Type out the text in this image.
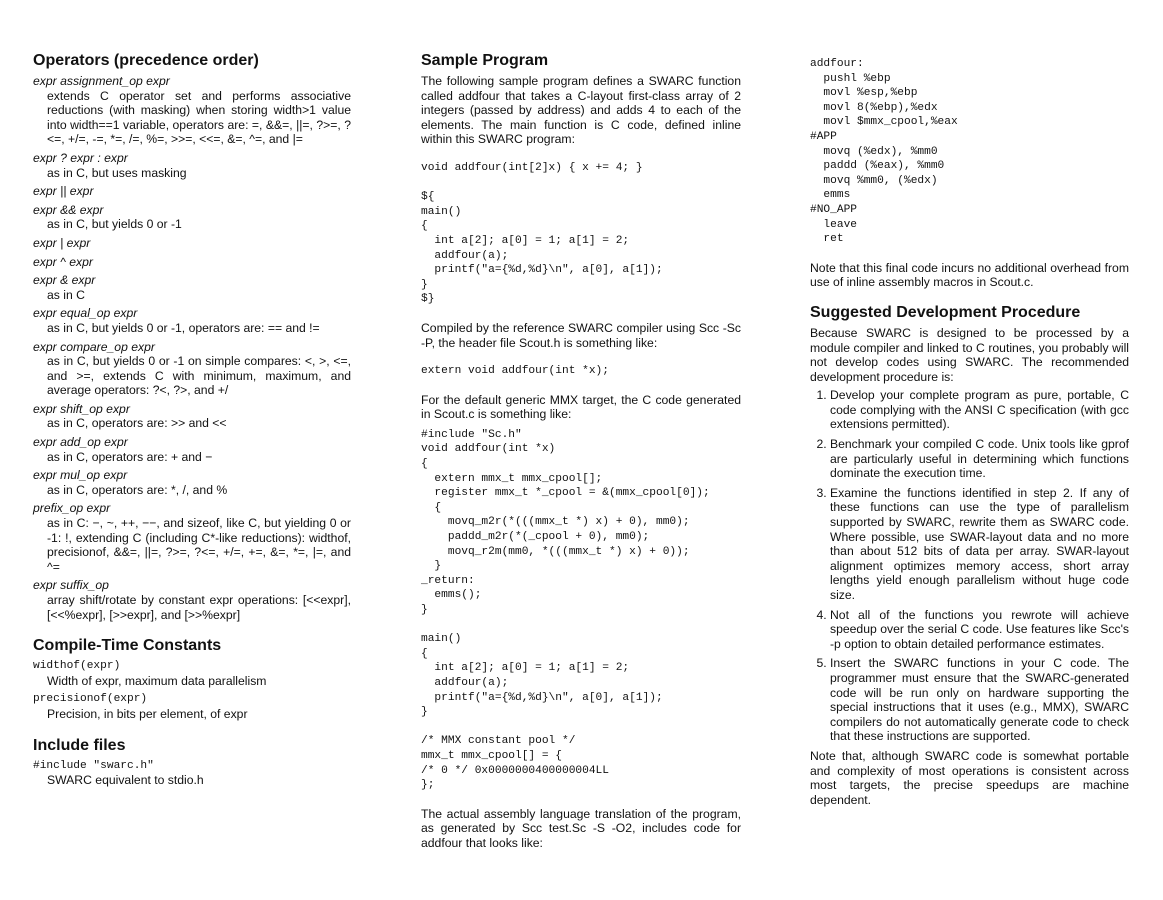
Operators (precedence order)
expr assignment_op expr
extends C operator set and performs associative reductions (with masking) when storing width>1 value into width==1 variable, operators are: =, &&=, ||=, ?>=, ?<=, +/=, -=, *=, /=, %=, >>=, <<=, &=, ^=, and |=
expr ? expr : expr
as in C, but uses masking
expr || expr
expr && expr
as in C, but yields 0 or -1
expr | expr
expr ^ expr
expr & expr
as in C
expr equal_op expr
as in C, but yields 0 or -1, operators are: == and !=
expr compare_op expr
as in C, but yields 0 or -1 on simple compares: <, >, <=, and >=, extends C with minimum, maximum, and average operators: ?<, ?>, and +/
expr shift_op expr
as in C, operators are: >> and <<
expr add_op expr
as in C, operators are: + and −
expr mul_op expr
as in C, operators are: *, /, and %
prefix_op expr
as in C: −, ~, ++, −−, and sizeof, like C, but yielding 0 or -1: !, extending C (including C*-like reductions): widthof, precisionof, &&=, ||=, ?>=, ?<=, +/=, +=, &=, *=, |=, and ^=
expr suffix_op
array shift/rotate by constant expr operations: [<<expr], [<<%expr], [>>expr], and [>>%expr]
Compile-Time Constants
widthof(expr)
Width of expr, maximum data parallelism
precisionof(expr)
Precision, in bits per element, of expr
Include files
#include "swarc.h"
SWARC equivalent to stdio.h
Sample Program

The following sample program defines a SWARC function called addfour that takes a C-layout first-class array of 2 integers (passed by address) and adds 4 to each of the elements. The main function is C code, defined inline within this SWARC program:

void addfour(int[2]x) { x += 4; }

${
main()
{
int a[2]; a[0] = 1; a[1] = 2;
addfour(a);
printf("a={%d,%d}\n", a[0], a[1]);
}
$}

Compiled by the reference SWARC compiler using Scc -Sc -P, the header file Scout.h is something like:

extern void addfour(int *x);

For the default generic MMX target, the C code generated in Scout.c is something like:

#include "Sc.h"
void addfour(int *x)
{
extern mmx_t mmx_cpool[];
register mmx_t *_cpool = &(mmx_cpool[0]);
{
movq_m2r(*(((mmx_t *) x) + 0), mm0);
paddd_m2r(*(_cpool + 0), mm0);
movq_r2m(mm0, *(((mmx_t *) x) + 0));
}
_return:
emms();
}

main()
{
int a[2]; a[0] = 1; a[1] = 2;
addfour(a);
printf("a={%d,%d}\n", a[0], a[1]);
}

/* MMX constant pool */
mmx_t mmx_cpool[] = {
/* 0 */ 0x0000000400000004LL
};

The actual assembly language translation of the program, as generated by Scc test.Sc -S -O2, includes code for addfour that looks like:

addfour:
pushl %ebp
movl %esp,%ebp
movl 8(%ebp),%edx
movl $mmx_cpool,%eax
#APP
movq (%edx), %mm0
paddd (%eax), %mm0
movq %mm0, (%edx)
emms
#NO_APP
leave
ret

Note that this final code incurs no additional overhead from use of inline assembly macros in Scout.c.

Suggested Development Procedure

Because SWARC is designed to be processed by a module compiler and linked to C routines, you probably will not develop codes using SWARC. The recommended development procedure is:

1. Develop your complete program as pure, portable, C code complying with the ANSI C specification (with gcc extensions permitted).
2. Benchmark your compiled C code. Unix tools like gprof are particularly useful in determining which functions dominate the execution time.
3. Examine the functions identified in step 2. If any of these functions can use the type of parallelism supported by SWARC, rewrite them as SWARC code. Where possible, use SWAR-layout data and no more than about 512 bits of data per array. SWAR-layout alignment optimizes memory access, short array lengths yield enough parallelism without huge code size.
4. Not all of the functions you rewrote will achieve speedup over the serial C code. Use features like Scc's -p option to obtain detailed performance estimates.
5. Insert the SWARC functions in your C code. The programmer must ensure that the SWARC-generated code will be run only on hardware supporting the special instructions that it uses (e.g., MMX), SWARC compilers do not automatically generate code to check that these instructions are supported.

Note that, although SWARC code is somewhat portable and complexity of most operations is consistent across most targets, the precise speedups are machine dependent.
